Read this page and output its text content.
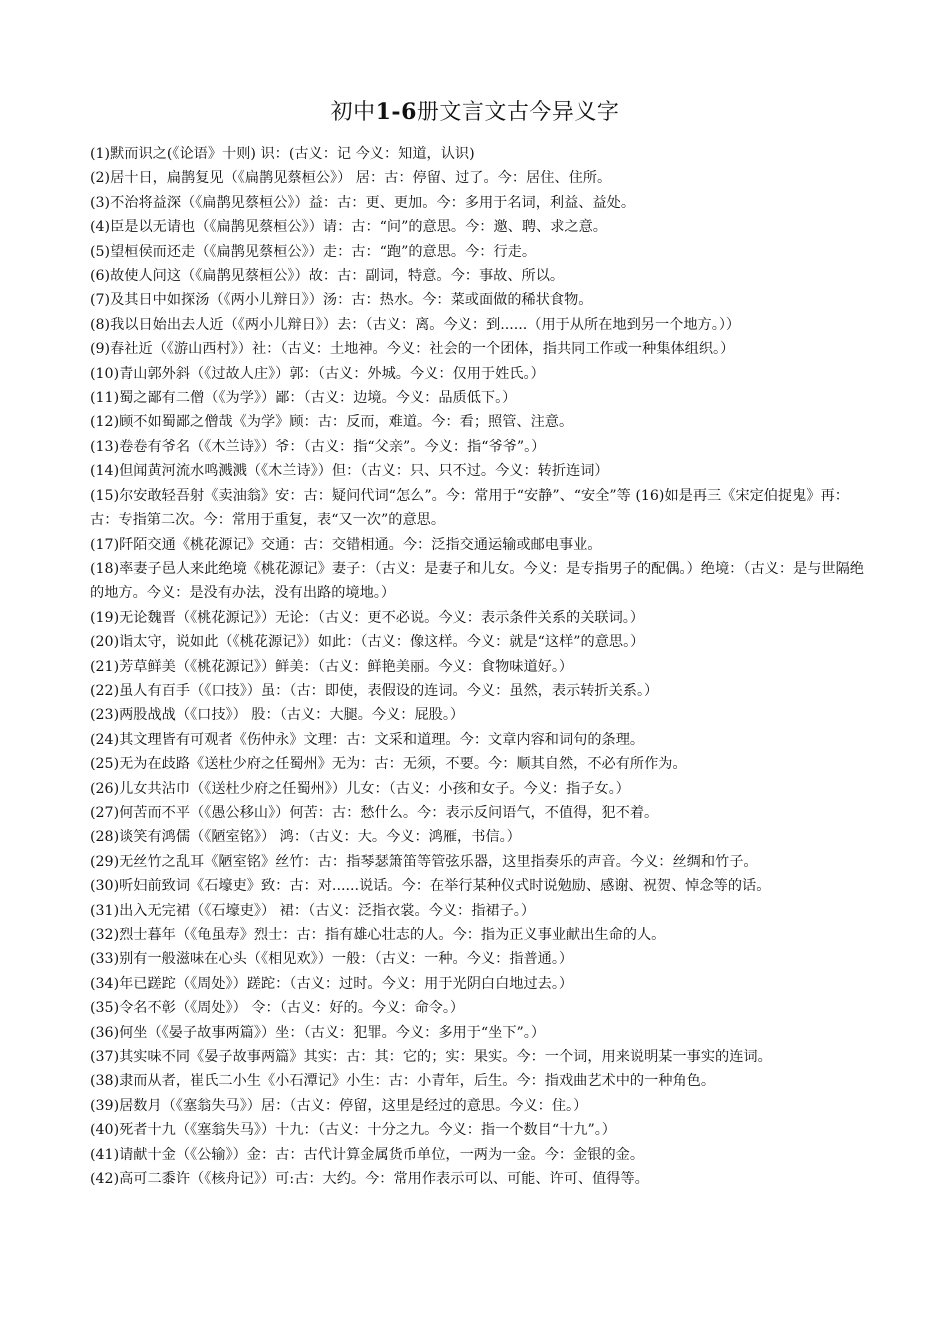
初中1-6册文言文古今异义字

(1)默而识之(《论语》十则) 识：(古义：记 今义：知道，认识)

(2)居十日，扁鹊复见（《扁鹊见蔡桓公》） 居：古：停留、过了。今：居住、住所。

(3)不治将益深（《扁鹊见蔡桓公》）益：古：更、更加。今：多用于名词，利益、益处。

(4)臣是以无请也（《扁鹊见蔡桓公》）请：古：“问”的意思。今：邀、聘、求之意。

(5)望桓侯而还走（《扁鹊见蔡桓公》）走：古：“跑”的意思。今：行走。

(6)故使人问这（《扁鹊见蔡桓公》）故：古：副词，特意。今：事故、所以。

(7)及其日中如探汤（《两小儿辩日》）汤：古：热水。今：菜或面做的稀状食物。

(8)我以日始出去人近（《两小儿辩日》）去：（古义：离。今义：到......（用于从所在地到另一个地方。））

(9)春社近（《游山西村》）社：（古义：土地神。今义：社会的一个团体，指共同工作或一种集体组织。）

(10)青山郭外斜（《过故人庄》）郭：（古义：外城。今义：仅用于姓氏。）

(11)蜀之鄙有二僧（《为学》）鄙：（古义：边境。今义：品质低下。）

(12)顾不如蜀鄙之僧哉《为学》顾：古：反而，难道。今：看；照管、注意。

(13)卷卷有爷名（《木兰诗》）爷：（古义：指“父亲”。今义：指“爷爷”。）

(14)但闻黄河流水鸣溅溅（《木兰诗》）但：（古义：只、只不过。今义：转折连词）

(15)尔安敢轻吾射《卖油翁》安：古：疑问代词“怎么”。今：常用于“安静”、“安全”等 (16)如是再三《宋定伯捉鬼》再：古：专指第二次。今：常用于重复，表“又一次”的意思。

(17)阡陌交通《桃花源记》交通：古：交错相通。今：泛指交通运输或邮电事业。

(18)率妻子邑人来此绝境《桃花源记》妻子：（古义：是妻子和儿女。今义：是专指男子的配偶。）绝境：（古义：是与世隔绝的地方。今义：是没有办法，没有出路的境地。）

(19)无论魏晋（《桃花源记》）无论：（古义：更不必说。今义：表示条件关系的关联词。）

(20)诣太守，说如此（《桃花源记》）如此：（古义：像这样。今义：就是“这样”的意思。）

(21)芳草鲜美（《桃花源记》）鲜美：（古义：鲜艳美丽。今义：食物味道好。）

(22)虽人有百手（《口技》）虽：（古：即使，表假设的连词。今义：虽然，表示转折关系。）

(23)两股战战（《口技》） 股：（古义：大腿。今义：屁股。）

(24)其文理皆有可观者《伤仲永》文理：古：文采和道理。今：文章内容和词句的条理。

(25)无为在歧路《送杜少府之任蜀州》无为：古：无须，不要。今：顺其自然，不必有所作为。

(26)儿女共沾巾（《送杜少府之任蜀州》）儿女：（古义：小孩和女子。今义：指子女。）

(27)何苦而不平（《愚公移山》）何苦：古：愁什么。今：表示反问语气，不值得，犯不着。

(28)谈笑有鸿儒（《陋室铭》） 鸿：（古义：大。今义：鸿雁，书信。）

(29)无丝竹之乱耳《陋室铭》丝竹：古：指琴瑟箫笛等管弦乐器，这里指奏乐的声音。今义：丝绸和竹子。

(30)听妇前致词《石壕吏》致：古：对......说话。今：在举行某种仪式时说勉励、感谢、祝贺、悼念等的话。

(31)出入无完裙（《石壕吏》） 裙：（古义：泛指衣裳。今义：指裙子。）

(32)烈士暮年（《龟虽寿》烈士：古：指有雄心壮志的人。今：指为正义事业献出生命的人。

(33)别有一般滋味在心头（《相见欢》）一般：（古义：一种。今义：指普通。）

(34)年已蹉跎（《周处》）蹉跎：（古义：过时。今义：用于光阴白白地过去。）

(35)令名不彰（《周处》） 令：（古义：好的。今义：命令。）

(36)何坐（《晏子故事两篇》）坐：（古义：犯罪。今义：多用于“坐下”。）

(37)其实味不同《晏子故事两篇》其实：古：其：它的；实：果实。今：一个词，用来说明某一事实的连词。

(38)隶而从者，崔氏二小生《小石潭记》小生：古：小青年，后生。今：指戏曲艺术中的一种角色。

(39)居数月（《塞翁失马》）居：（古义：停留，这里是经过的意思。今义：住。）

(40)死者十九（《塞翁失马》）十九：（古义：十分之九。今义：指一个数目“十九”。）

(41)请献十金（《公输》）金：古：古代计算金属货币单位，一两为一金。今：金银的金。

(42)高可二黍许（《核舟记》）可:古：大约。今：常用作表示可以、可能、许可、值得等。
